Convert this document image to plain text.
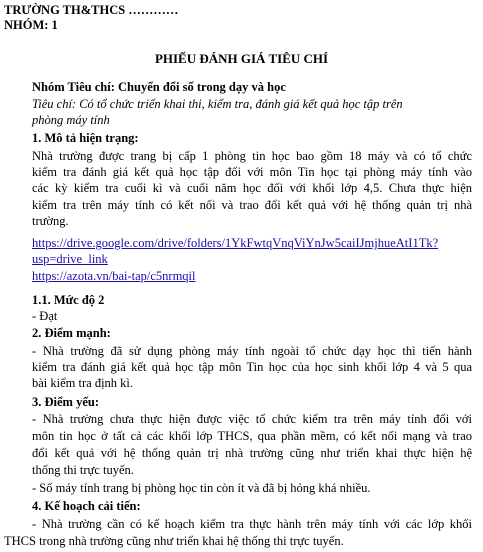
TRƯỜNG TH&THCS …………
NHÓM: 1
PHIẾU ĐÁNH GIÁ TIÊU CHÍ
Nhóm Tiêu chí: Chuyển đổi số trong dạy và học
Tiêu chí: Có tổ chức triển khai thi, kiểm tra, đánh giá kết quả học tập trên
phòng máy tính
1. Mô tả hiện trạng:
Nhà trường được trang bị cấp 1 phòng tin học bao gồm 18 máy và có tổ chức
kiểm tra đánh giá kết quả học tập đối với môn Tin học tại phòng máy tính vào
các kỳ kiểm tra cuối kì và cuối năm học đối với khối lớp 4,5. Chưa thực hiện
kiểm tra trên máy tính có kết nối và trao đổi kết quả với hệ thống quản trị nhà
trường.
https://drive.google.com/drive/folders/1YkFwtqVnqViYnJw5caiIJmjhueAtI1Tk?
usp=drive_link
https://azota.vn/bai-tap/c5nrmqil
1.1. Mức độ 2
- Đạt
2. Điểm mạnh:
- Nhà trường đã sử dụng phòng máy tính ngoài tổ chức dạy học thì tiến hành
kiểm tra đánh giá kết quả học tập môn Tin học của học sinh khối lớp 4 và 5 qua
bài kiểm tra định kì.
3. Điểm yếu:
- Nhà trường chưa thực hiện được việc tổ chức kiểm tra trên máy tính đối với
môn tin học ở tất cả các khối lớp THCS, qua phần mềm, có kết nối mạng và trao
đổi kết quả với hệ thống quản trị nhà trường cũng như triển khai thực hiện hệ
thống thi trực tuyến.
- Số máy tính trang bị phòng học tin còn ít và đã bị hỏng khá nhiều.
4. Kế hoạch cải tiến:
- Nhà trường cần có kế hoạch kiểm tra thực hành trên máy tính với các lớp khối
THCS trong nhà trường cũng như triển khai hệ thống thi trực tuyến.
